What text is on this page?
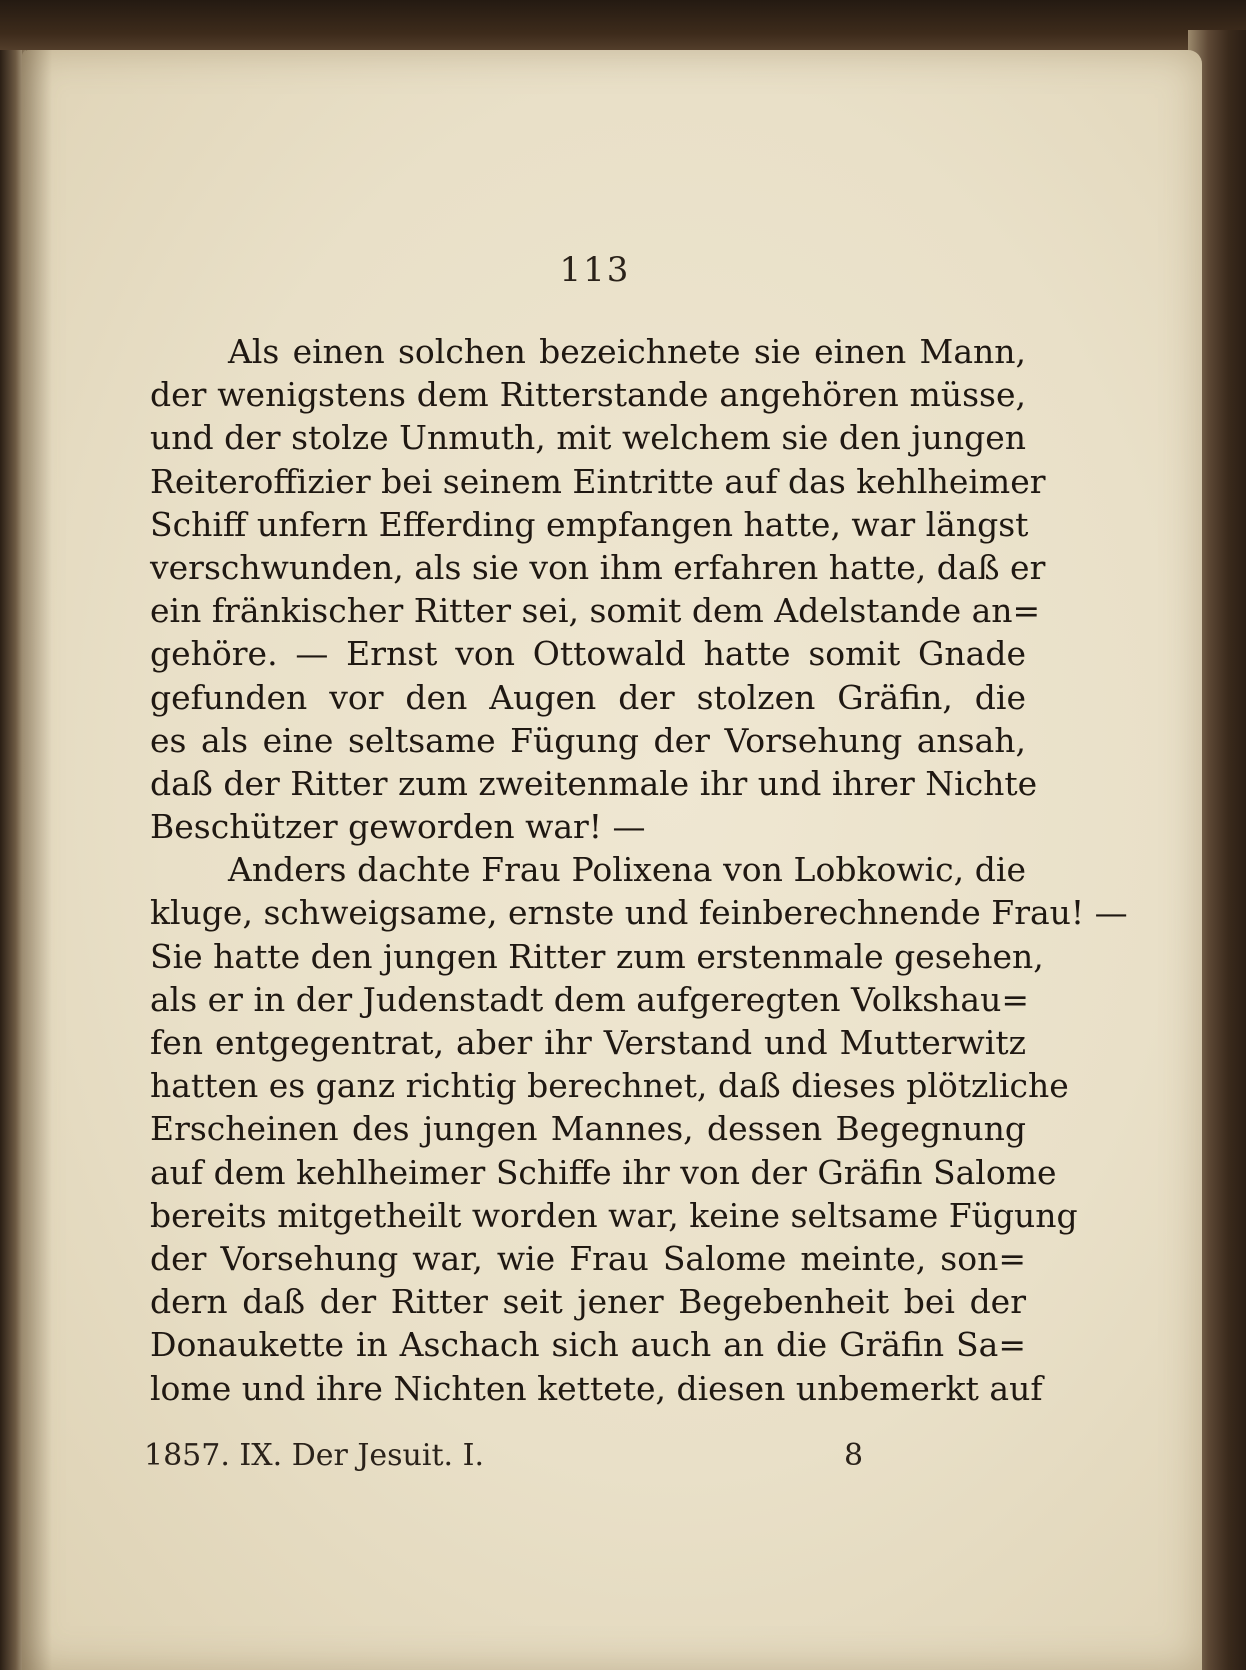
113
Als einen solchen bezeichnete sie einen Mann,
der wenigstens dem Ritterstande angehören müsse,
und der stolze Unmuth, mit welchem sie den jungen
Reiteroffizier bei seinem Eintritte auf das kehlheimer
Schiff unfern Efferding empfangen hatte, war längst
verschwunden, als sie von ihm erfahren hatte, daß er
ein fränkischer Ritter sei, somit dem Adelstande an=
gehöre. — Ernst von Ottowald hatte somit Gnade
gefunden vor den Augen der stolzen Gräfin, die
es als eine seltsame Fügung der Vorsehung ansah,
daß der Ritter zum zweitenmale ihr und ihrer Nichte
Beschützer geworden war! —
Anders dachte Frau Polixena von Lobkowic, die
kluge, schweigsame, ernste und feinberechnende Frau! —
Sie hatte den jungen Ritter zum erstenmale gesehen,
als er in der Judenstadt dem aufgeregten Volkshau=
fen entgegentrat, aber ihr Verstand und Mutterwitz
hatten es ganz richtig berechnet, daß dieses plötzliche
Erscheinen des jungen Mannes, dessen Begegnung
auf dem kehlheimer Schiffe ihr von der Gräfin Salome
bereits mitgetheilt worden war, keine seltsame Fügung
der Vorsehung war, wie Frau Salome meinte, son=
dern daß der Ritter seit jener Begebenheit bei der
Donaukette in Aschach sich auch an die Gräfin Sa=
lome und ihre Nichten kettete, diesen unbemerkt auf
1857. IX. Der Jesuit. I.	8
